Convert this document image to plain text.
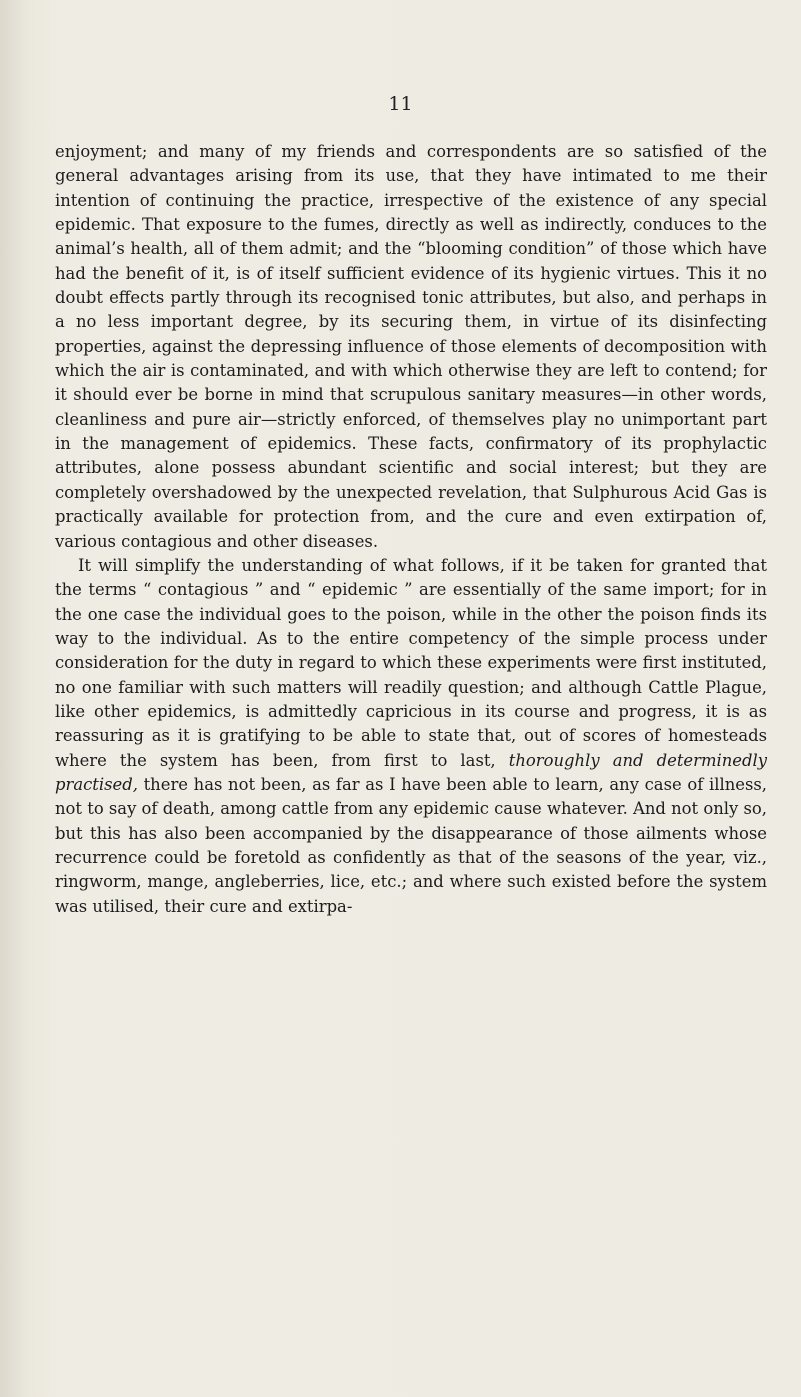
11

enjoyment; and many of my friends and correspondents are so satisfied of the general advantages arising from its use, that they have intimated to me their intention of continuing the practice, irrespective of the existence of any special epidemic. That exposure to the fumes, directly as well as indirectly, conduces to the animal’s health, all of them admit; and the “blooming condition” of those which have had the benefit of it, is of itself sufficient evidence of its hygienic virtues. This it no doubt effects partly through its recognised tonic attributes, but also, and perhaps in a no less important degree, by its securing them, in virtue of its disinfecting properties, against the depressing influence of those elements of decomposition with which the air is contaminated, and with which otherwise they are left to contend; for it should ever be borne in mind that scrupulous sanitary measures—in other words, cleanliness and pure air—strictly enforced, of themselves play no unimportant part in the management of epidemics. These facts, confirmatory of its prophylactic attributes, alone possess abundant scientific and social interest; but they are completely overshadowed by the unexpected revelation, that Sulphurous Acid Gas is practically available for protection from, and the cure and even extirpation of, various contagious and other diseases.

It will simplify the understanding of what follows, if it be taken for granted that the terms “ contagious ” and “ epidemic ” are essentially of the same import; for in the one case the individual goes to the poison, while in the other the poison finds its way to the individual. As to the entire competency of the simple process under consideration for the duty in regard to which these experiments were first instituted, no one familiar with such matters will readily question; and although Cattle Plague, like other epidemics, is admittedly capricious in its course and progress, it is as reassuring as it is gratifying to be able to state that, out of scores of homesteads where the system has been, from first to last, thoroughly and determinedly practised, there has not been, as far as I have been able to learn, any case of illness, not to say of death, among cattle from any epidemic cause whatever. And not only so, but this has also been accompanied by the disappearance of those ailments whose recurrence could be foretold as confidently as that of the seasons of the year, viz., ringworm, mange, angleberries, lice, etc.; and where such existed before the system was utilised, their cure and extirpa-
